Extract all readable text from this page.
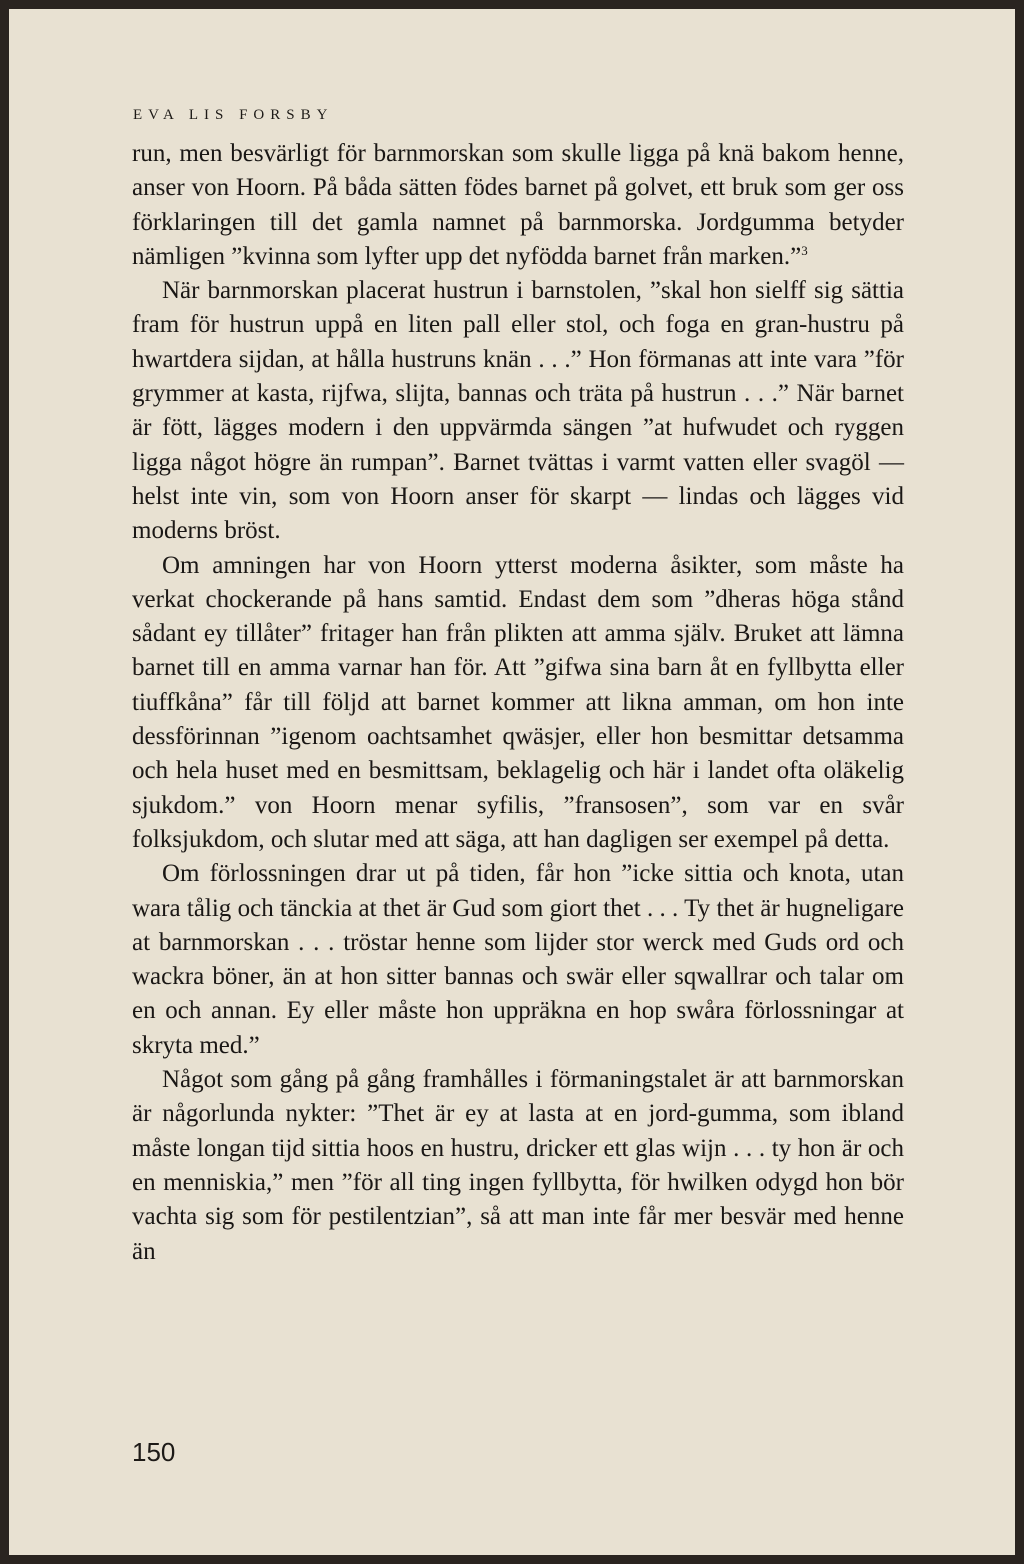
EVA LIS FORSBY

run, men besvärligt för barnmorskan som skulle ligga på knä bakom henne, anser von Hoorn. På båda sätten födes barnet på golvet, ett bruk som ger oss förklaringen till det gamla namnet på barnmorska. Jordgumma betyder nämligen ”kvinna som lyfter upp det nyfödda barnet från marken.”$^3$

När barnmorskan placerat hustrun i barnstolen, ”skal hon sielff sig sättia fram för hustrun uppå en liten pall eller stol, och foga en gran-hustru på hwartdera sijdan, at hålla hustruns knän . . .” Hon förmanas att inte vara ”för grymmer at kasta, rijfwa, slijta, bannas och träta på hustrun . . .” När barnet är fött, lägges modern i den uppvärmda sängen ”at hufwudet och ryggen ligga något högre än rumpan”. Barnet tvättas i varmt vatten eller svagöl — helst inte vin, som von Hoorn anser för skarpt — lindas och lägges vid moderns bröst.

Om amningen har von Hoorn ytterst moderna åsikter, som måste ha verkat chockerande på hans samtid. Endast dem som ”dheras höga stånd sådant ey tillåter” fritager han från plikten att amma själv. Bruket att lämna barnet till en amma varnar han för. Att ”gifwa sina barn åt en fyllbytta eller tiuffkåna” får till följd att barnet kommer att likna amman, om hon inte dessförinnan ”igenom oachtsamhet qwäsjer, eller hon besmittar detsamma och hela huset med en besmittsam, beklagelig och här i landet ofta oläkelig sjukdom.” von Hoorn menar syfilis, ”fransosen”, som var en svår folksjukdom, och slutar med att säga, att han dagligen ser exempel på detta.

Om förlossningen drar ut på tiden, får hon ”icke sittia och knota, utan wara tålig och tänckia at thet är Gud som giort thet . . . Ty thet är hugneligare at barnmorskan . . . tröstar henne som lijder stor werck med Guds ord och wackra böner, än at hon sitter bannas och swär eller sqwallrar och talar om en och annan. Ey eller måste hon uppräkna en hop swåra förlossningar at skryta med.”

Något som gång på gång framhålles i förmaningstalet är att barnmorskan är någorlunda nykter: ”Thet är ey at lasta at en jord-gumma, som ibland måste longan tijd sittia hoos en hustru, dricker ett glas wijn . . . ty hon är och en menniskia,” men ”för all ting ingen fyllbytta, för hwilken odygd hon bör vachta sig som för pestilentzian”, så att man inte får mer besvär med henne än

150
